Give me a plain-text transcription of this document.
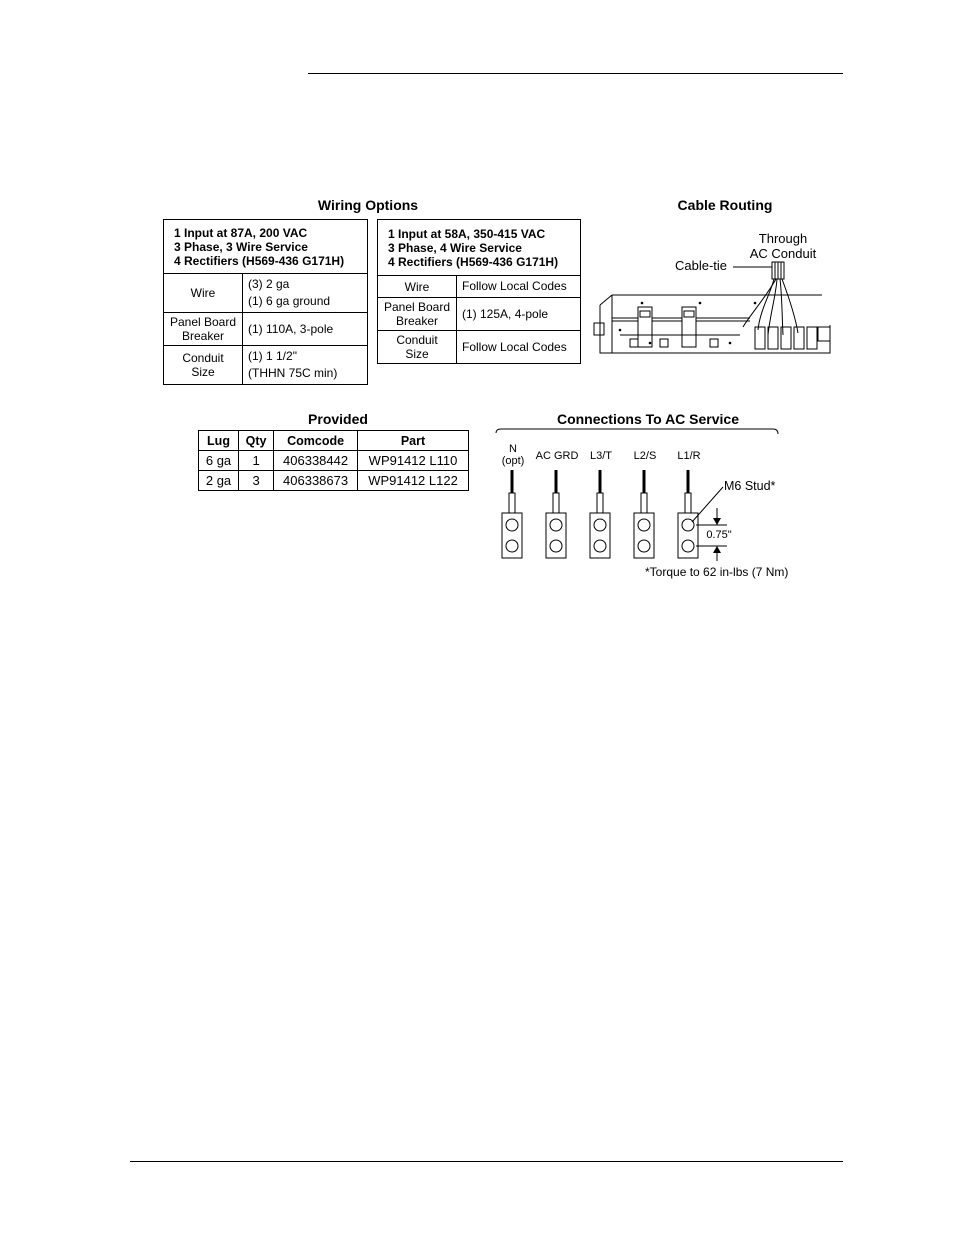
Wiring Options
1 Input at 87A, 200 VAC
3 Phase, 3 Wire Service
4 Rectifiers (H569-436 G171H)	

Wire	(3) 2 ga
(1) 6 ga ground

Panel Board
Breaker	(1) 110A, 3-pole
Conduit Size	(1) 1 1/2"
(THHN 75C min)
1 Input at 58A, 350-415 VAC
3 Phase, 4 Wire Service
4 Rectifiers (H569-436 G171H)	

Wire	Follow Local Codes

Panel Board
Breaker	(1) 125A, 4-pole
Conduit Size	Follow Local Codes
Cable Routing
Through
AC Conduit
Cable-tie
Provided
Lug	Qty	Comcode	Part
6 ga	1	406338442	WP91412 L110
2 ga	3	406338673	WP91412 L122
Connections To AC Service
N
(opt)	AC GRD	L3/T	L2/S	L1/R
M6 Stud*
0.75"
*Torque to 62 in-lbs (7 Nm)
